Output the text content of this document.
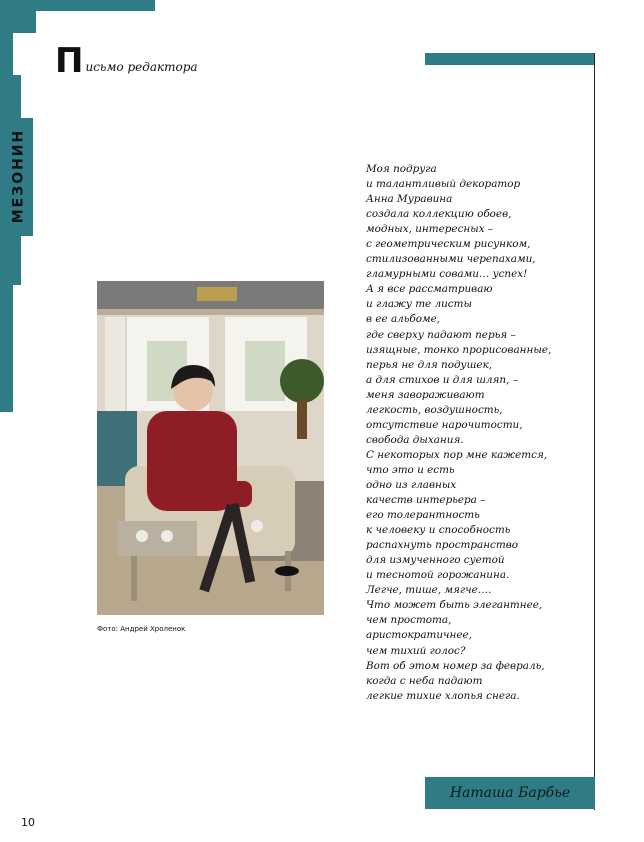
МЕЗОНИН
П исьмо редактора
Моя подруга
и талантливый декоратор
Анна Муравина
создала коллекцию обоев,
модных, интересных –
с геометрическим рисунком,
стилизованными черепахами,
гламурными совами… успех!
А я все рассматриваю
и глажу те листы
в ее альбоме,
где сверху падают перья –
изящные, тонко прорисованные,
перья не для подушек,
а для стихов и для шляп, –
меня завораживают
легкость, воздушность,
отсутствие нарочитости,
свобода дыхания.
С некоторых пор мне кажется,
что это и есть
одно из главных
качеств интерьера –
его толерантность
к человеку и способность
распахнуть пространство
для измученного суетой
и теснотой горожанина.
Легче, тише, мягче….
Что может быть элегантнее,
чем простота,
аристократичнее,
чем тихий голос?
Вот об этом номер за февраль,
когда с неба падают
легкие тихие хлопья снега.
Фото: Андрей Хроленок
Наташа Барбье
10
